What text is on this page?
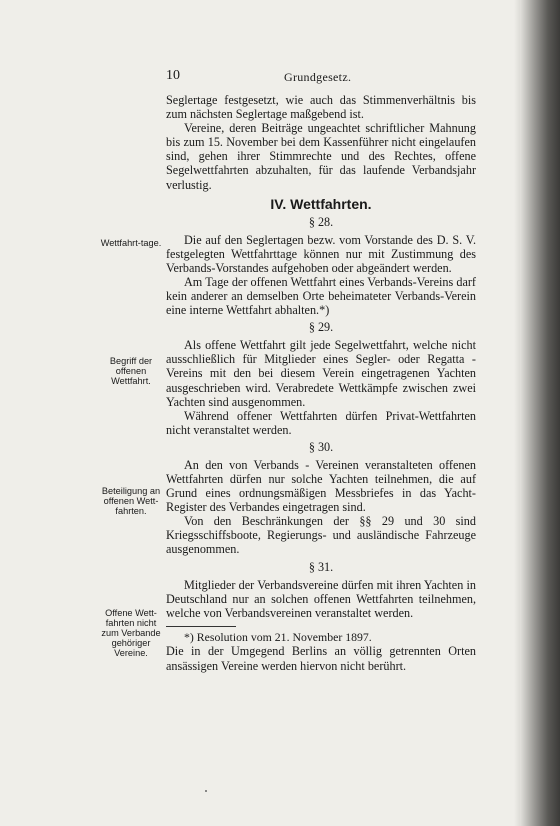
10	Grundgesetz.

Seglertage festgesetzt, wie auch das Stimmenverhältnis bis zum nächsten Seglertage maßgebend ist.

Vereine, deren Beiträge ungeachtet schriftlicher Mahnung bis zum 15. November bei dem Kassenführer nicht eingelaufen sind, gehen ihrer Stimmrechte und des Rechtes, offene Segelwettfahrten abzuhalten, für das laufende Verbandsjahr verlustig.

IV. Wettfahrten.

§ 28.

Die auf den Seglertagen bezw. vom Vorstande des D. S. V. festgelegten Wettfahrttage können nur mit Zustimmung des Verbands-Vorstandes aufgehoben oder abgeändert werden.

Am Tage der offenen Wettfahrt eines Verbands-Vereins darf kein anderer an demselben Orte beheimateter Verbands-Verein eine interne Wettfahrt abhalten.*)

§ 29.

Als offene Wettfahrt gilt jede Segelwettfahrt, welche nicht ausschließlich für Mitglieder eines Segler- oder Regatta - Vereins mit den bei diesem Verein eingetragenen Yachten ausgeschrieben wird. Verabredete Wettkämpfe zwischen zwei Yachten sind ausgenommen.

Während offener Wettfahrten dürfen Privat-Wettfahrten nicht veranstaltet werden.

§ 30.

An den von Verbands - Vereinen veranstalteten offenen Wettfahrten dürfen nur solche Yachten teilnehmen, die auf Grund eines ordnungsmäßigen Messbriefes in das Yacht-Register des Verbandes eingetragen sind.

Von den Beschränkungen der §§ 29 und 30 sind Kriegsschiffsboote, Regierungs- und ausländische Fahrzeuge ausgenommen.

§ 31.

Mitglieder der Verbandsvereine dürfen mit ihren Yachten in Deutschland nur an solchen offenen Wettfahrten teilnehmen, welche von Verbandsvereinen veranstaltet werden.

*) Resolution vom 21. November 1897.

Die in der Umgegend Berlins an völlig getrennten Orten ansässigen Vereine werden hiervon nicht berührt.

Wettfahrt-tage.
Begriff der offenen Wettfahrt.
Beteiligung an offenen Wett-fahrten.
Offene Wett-fahrten nicht zum Verbande gehöriger Vereine.
